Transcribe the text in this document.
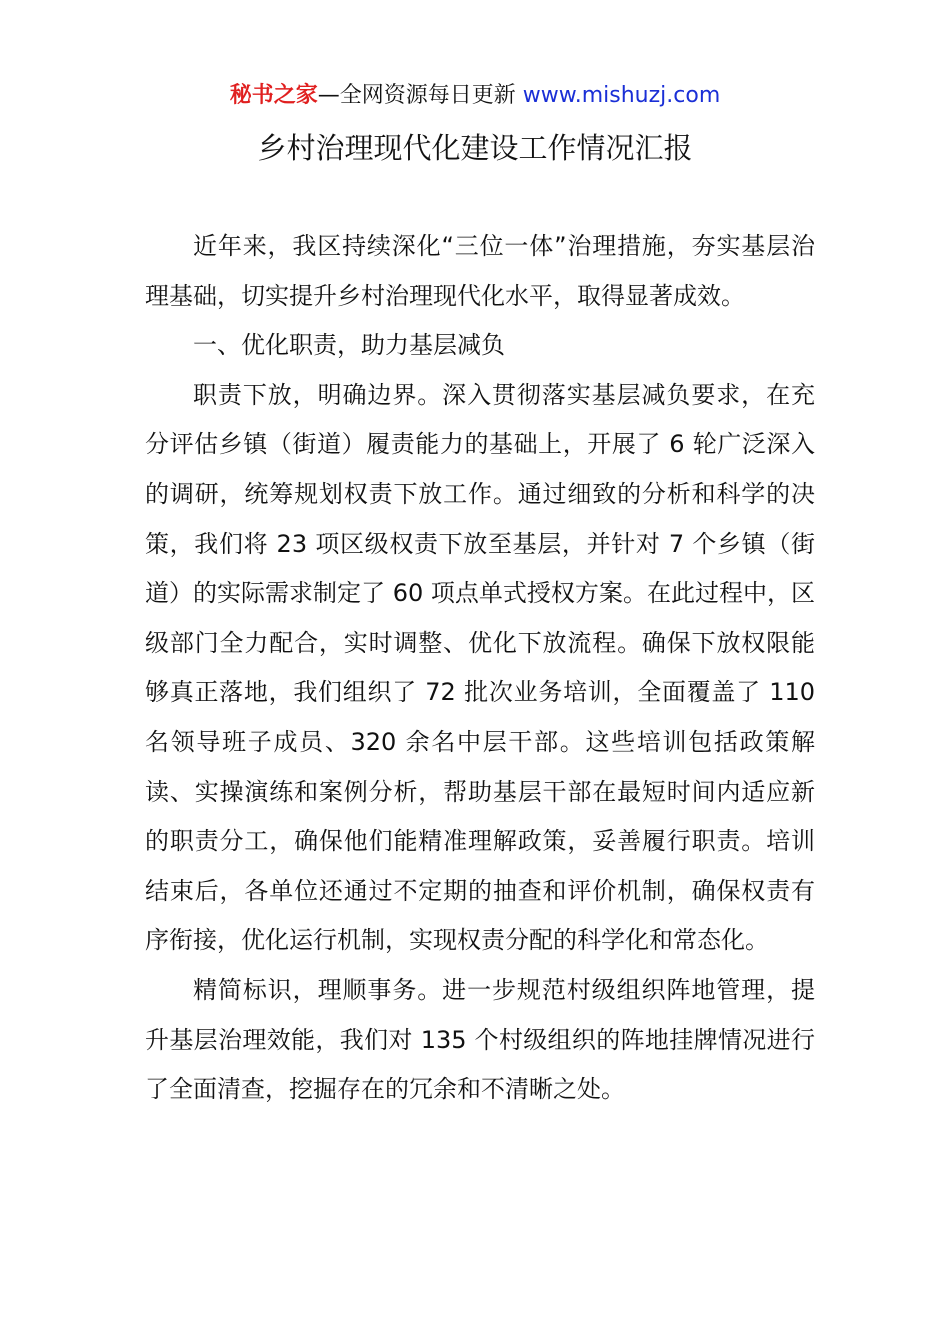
秘书之家—全网资源每日更新 www.mishuzj.com
乡村治理现代化建设工作情况汇报

近年来，我区持续深化“三位一体”治理措施，夯实基层治理基础，切实提升乡村治理现代化水平，取得显著成效。

一、优化职责，助力基层减负

职责下放，明确边界。深入贯彻落实基层减负要求，在充分评估乡镇（街道）履责能力的基础上，开展了 6 轮广泛深入的调研，统筹规划权责下放工作。通过细致的分析和科学的决策，我们将 23 项区级权责下放至基层，并针对 7 个乡镇（街道）的实际需求制定了 60 项点单式授权方案。在此过程中，区级部门全力配合，实时调整、优化下放流程。确保下放权限能够真正落地，我们组织了 72 批次业务培训，全面覆盖了 110 名领导班子成员、320 余名中层干部。这些培训包括政策解读、实操演练和案例分析，帮助基层干部在最短时间内适应新的职责分工，确保他们能精准理解政策，妥善履行职责。培训结束后，各单位还通过不定期的抽查和评价机制，确保权责有序衔接，优化运行机制，实现权责分配的科学化和常态化。

精简标识，理顺事务。进一步规范村级组织阵地管理，提升基层治理效能，我们对 135 个村级组织的阵地挂牌情况进行了全面清查，挖掘存在的冗余和不清晰之处。
